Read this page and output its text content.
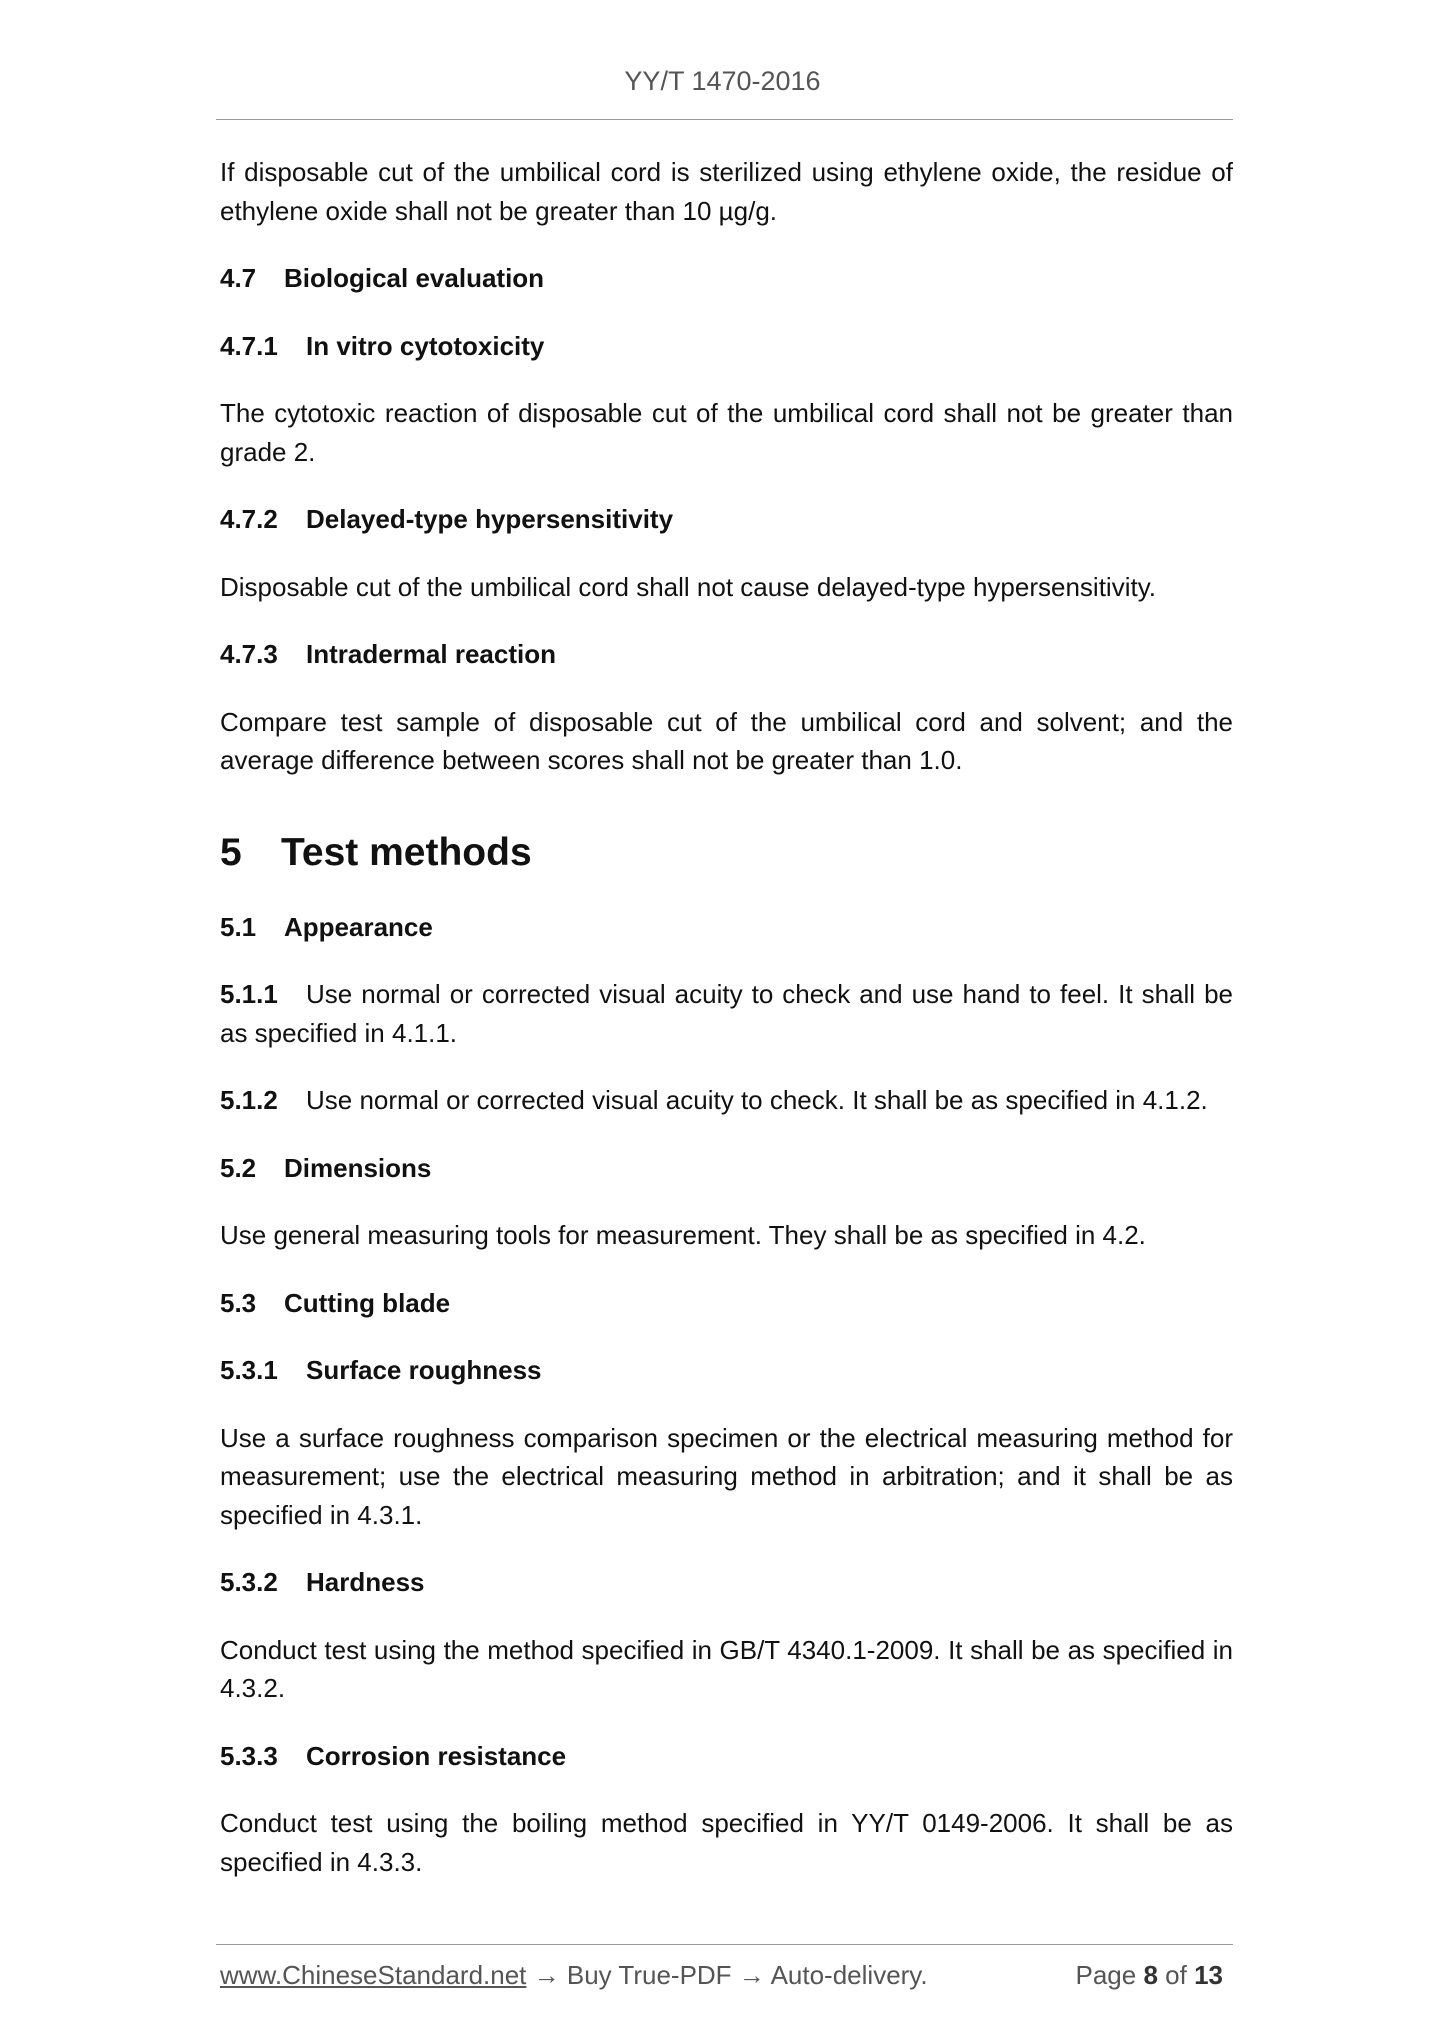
YY/T 1470-2016

If disposable cut of the umbilical cord is sterilized using ethylene oxide, the residue of ethylene oxide shall not be greater than 10 µg/g.

4.7 Biological evaluation
4.7.1 In vitro cytotoxicity

The cytotoxic reaction of disposable cut of the umbilical cord shall not be greater than grade 2.

4.7.2 Delayed-type hypersensitivity

Disposable cut of the umbilical cord shall not cause delayed-type hypersensitivity.

4.7.3 Intradermal reaction

Compare test sample of disposable cut of the umbilical cord and solvent; and the average difference between scores shall not be greater than 1.0.

5 Test methods
5.1 Appearance

5.1.1 Use normal or corrected visual acuity to check and use hand to feel. It shall be as specified in 4.1.1.

5.1.2 Use normal or corrected visual acuity to check. It shall be as specified in 4.1.2.

5.2 Dimensions

Use general measuring tools for measurement. They shall be as specified in 4.2.

5.3 Cutting blade
5.3.1 Surface roughness

Use a surface roughness comparison specimen or the electrical measuring method for measurement; use the electrical measuring method in arbitration; and it shall be as specified in 4.3.1.

5.3.2 Hardness

Conduct test using the method specified in GB/T 4340.1-2009. It shall be as specified in 4.3.2.

5.3.3 Corrosion resistance

Conduct test using the boiling method specified in YY/T 0149-2006. It shall be as specified in 4.3.3.

www.ChineseStandard.net → Buy True-PDF → Auto-delivery.	Page 8 of 13
